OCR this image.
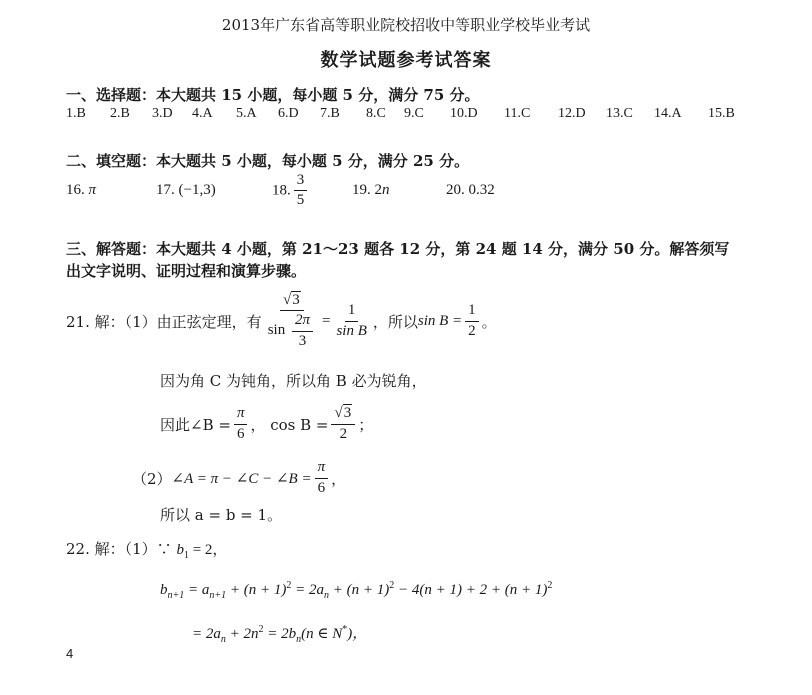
2013年广东省高等职业院校招收中等职业学校毕业考试
数学试题参考试答案
一、选择题：本大题共 15 小题，每小题 5 分，满分 75 分。
1.B 2.B 3.D 4.A 5.A 6.D 7.B 8.C 9.C 10.D 11.C 12.D 13.C 14.A 15.B
二、填空题：本大题共 5 小题，每小题 5 分，满分 25 分。
16. π	17. (−1,3)	18. $\frac{3}{5}$	19. 2n	20. 0.32
三、解答题：本大题共 4 小题，第 21～23 题各 12 分，第 24 题 14 分，满分 50 分。解答须写
出文字说明、证明过程和演算步骤。
21. 解：（1） 由正弦定理，有 $\frac{√3}{\sin \frac{2\pi}{3}} = \frac{1}{\text{sin B}}$ ，所以 $\sin B = \frac{1}{2}$ 。
因为角 C 为钝角，所以角 B 必为锐角，
因此∠B = $\frac{\pi}{6}$ ， $\cos B = \frac{√3}{2}$ ；
（2） ∠A = π − ∠C − ∠B = $\frac{\pi}{6}$ ，
所以 a = b = 1。
22. 解：（1）∵ $b_1 = 2$，
$b_{n+1} = a_{n+1} + (n + 1)^2 = 2a_n + (n + 1)^2 - 4(n + 1) + 2 + (n + 1)^2$
= $2a_n + 2n^2 = 2b_n(n$ ∈ N*)，
4
